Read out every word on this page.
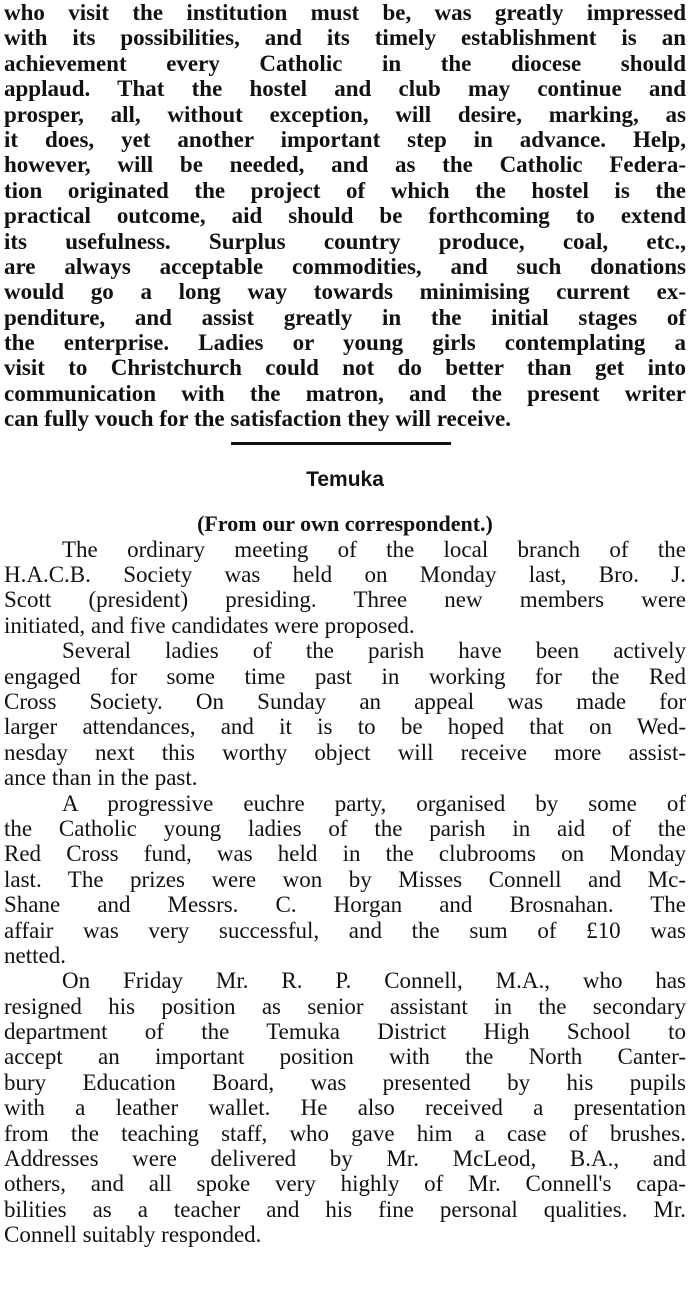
who visit the institution must be, was greatly impressed
with its possibilities, and its timely establishment is an
achievement every Catholic in the diocese should
applaud. That the hostel and club may continue and
prosper, all, without exception, will desire, marking, as
it does, yet another important step in advance. Help,
however, will be needed, and as the Catholic Federa-
tion originated the project of which the hostel is the
practical outcome, aid should be forthcoming to extend
its usefulness. Surplus country produce, coal, etc.,
are always acceptable commodities, and such donations
would go a long way towards minimising current ex-
penditure, and assist greatly in the initial stages of
the enterprise. Ladies or young girls contemplating a
visit to Christchurch could not do better than get into
communication with the matron, and the present writer
can fully vouch for the satisfaction they will receive.
Temuka
(From our own correspondent.)
The ordinary meeting of the local branch of the
H.A.C.B. Society was held on Monday last, Bro. J.
Scott (president) presiding. Three new members were
initiated, and five candidates were proposed.
Several ladies of the parish have been actively
engaged for some time past in working for the Red
Cross Society. On Sunday an appeal was made for
larger attendances, and it is to be hoped that on Wed-
nesday next this worthy object will receive more assist-
ance than in the past.
A progressive euchre party, organised by some of
the Catholic young ladies of the parish in aid of the
Red Cross fund, was held in the clubrooms on Monday
last. The prizes were won by Misses Connell and Mc-
Shane and Messrs. C. Horgan and Brosnahan. The
affair was very successful, and the sum of £10 was
netted.
On Friday Mr. R. P. Connell, M.A., who has
resigned his position as senior assistant in the secondary
department of the Temuka District High School to
accept an important position with the North Canter-
bury Education Board, was presented by his pupils
with a leather wallet. He also received a presentation
from the teaching staff, who gave him a case of brushes.
Addresses were delivered by Mr. McLeod, B.A., and
others, and all spoke very highly of Mr. Connell's capa-
bilities as a teacher and his fine personal qualities. Mr.
Connell suitably responded.
